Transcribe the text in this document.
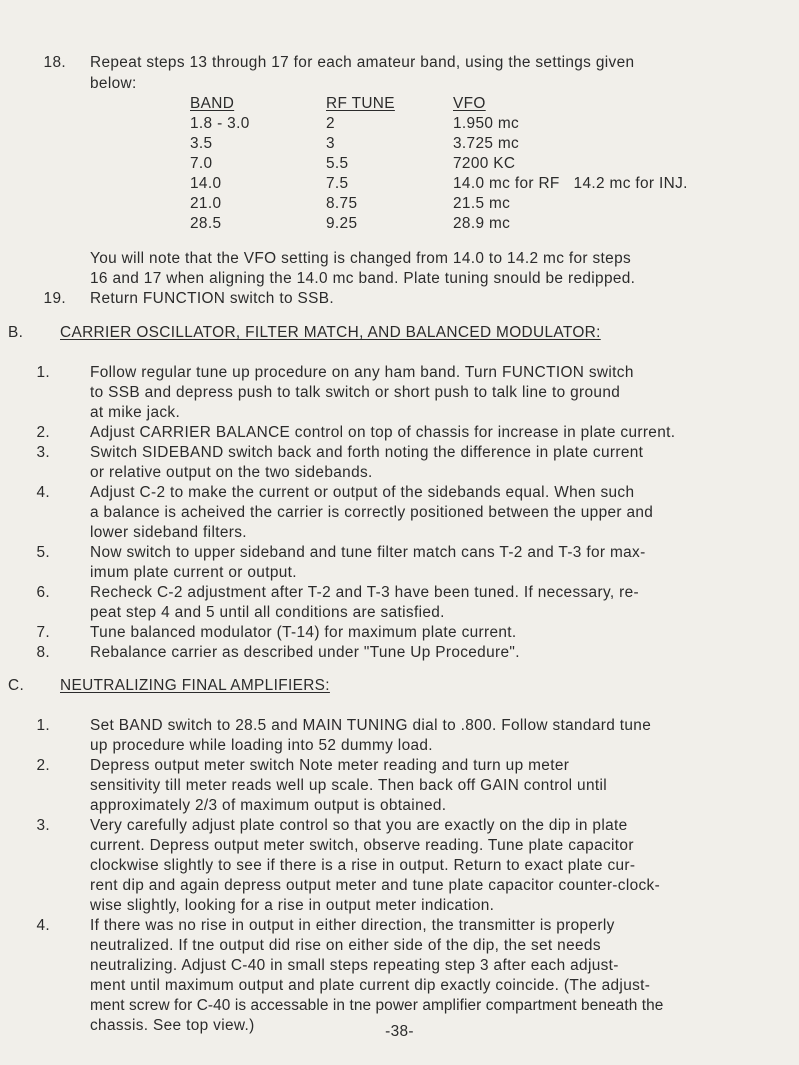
18. Repeat steps 13 through 17 for each amateur band, using the settings given
below:
BAND	RF TUNE	VFO
1.8 - 3.0	2	1.950 mc
3.5	3	3.725 mc
7.0	5.5	7200 KC
14.0	7.5	14.0 mc for RF   14.2 mc for INJ.
21.0	8.75	21.5 mc
28.5	9.25	28.9 mc
You will note that the VFO setting is changed from 14.0 to 14.2 mc for steps
16 and 17 when aligning the 14.0 mc band. Plate tuning snould be redipped.
19. Return FUNCTION switch to SSB.
B. CARRIER OSCILLATOR, FILTER MATCH, AND BALANCED MODULATOR:
1.	Follow regular tune up procedure on any ham band. Turn FUNCTION switch
to SSB and depress push to talk switch or short push to talk line to ground
at mike jack.
2.	Adjust CARRIER BALANCE control on top of chassis for increase in plate current.
3.	Switch SIDEBAND switch back and forth noting the difference in plate current
or relative output on the two sidebands.
4.	Adjust C-2 to make the current or output of the sidebands equal. When such
a balance is acheived the carrier is correctly positioned between the upper and
lower sideband filters.
5.	Now switch to upper sideband and tune filter match cans T-2 and T-3 for max-
imum plate current or output.
6.	Recheck C-2 adjustment after T-2 and T-3 have been tuned. If necessary, re-
peat step 4 and 5 until all conditions are satisfied.
7.	Tune balanced modulator (T-14) for maximum plate current.
8.	Rebalance carrier as described under "Tune Up Procedure".
C. NEUTRALIZING FINAL AMPLIFIERS:
1.	Set BAND switch to 28.5 and MAIN TUNING dial to .800. Follow standard tune
up procedure while loading into 52 dummy load.
2.	Depress output meter switch Note meter reading and turn up meter
sensitivity till meter reads well up scale. Then back off GAIN control until
approximately 2/3 of maximum output is obtained.
3.	Very carefully adjust plate control so that you are exactly on the dip in plate
current. Depress output meter switch, observe reading. Tune plate capacitor
clockwise slightly to see if there is a rise in output. Return to exact plate cur-
rent dip and again depress output meter and tune plate capacitor counter-clock-
wise slightly, looking for a rise in output meter indication.
4.	If there was no rise in output in either direction, the transmitter is properly
neutralized. If tne output did rise on either side of the dip, the set needs
neutralizing. Adjust C-40 in small steps repeating step 3 after each adjust-
ment until maximum output and plate current dip exactly coincide. (The adjust-
ment screw for C-40 is accessable in tne power amplifier compartment beneath the
chassis. See top view.)	-38-
